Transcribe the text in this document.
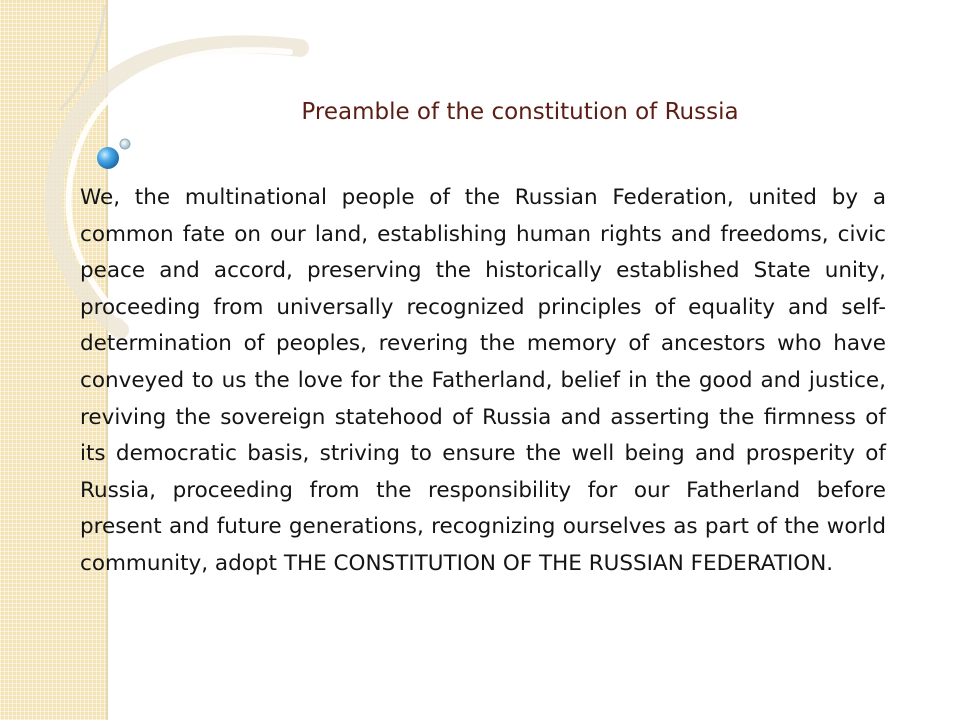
Preamble of the constitution of Russia

We, the multinational people of the Russian Federation, united by a common fate on our land, establishing human rights and freedoms, civic peace and accord, preserving the historically established State unity, proceeding from universally recognized principles of equality and self-determination of peoples, revering the memory of ancestors who have conveyed to us the love for the Fatherland, belief in the good and justice, reviving the sovereign statehood of Russia and asserting the firmness of its democratic basis, striving to ensure the well being and prosperity of Russia, proceeding from the responsibility for our Fatherland before present and future generations, recognizing ourselves as part of the world community, adopt THE CONSTITUTION OF THE RUSSIAN FEDERATION.
